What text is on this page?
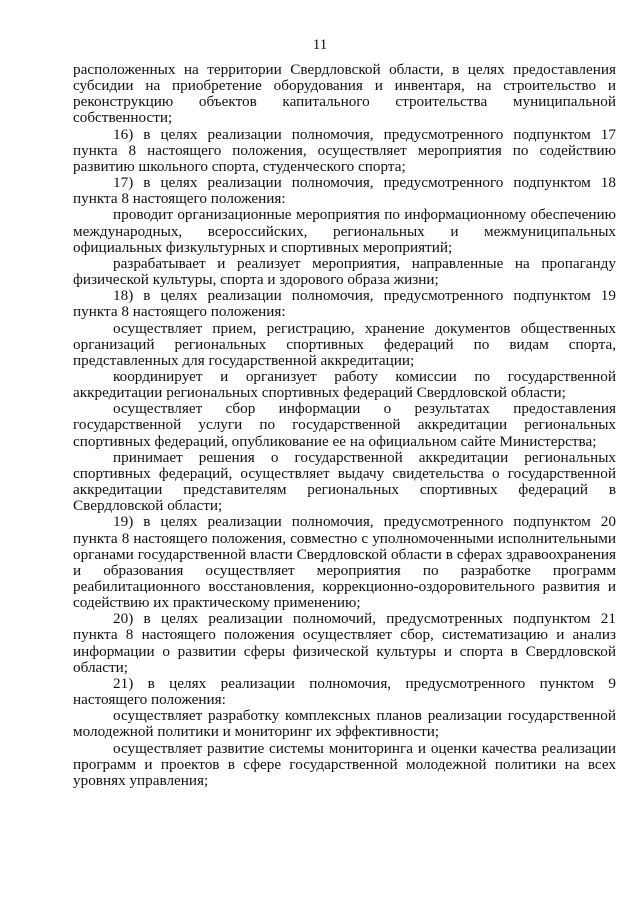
11

расположенных на территории Свердловской области, в целях предоставления субсидии на приобретение оборудования и инвентаря, на строительство и реконструкцию объектов капитального строительства муниципальной собственности;

16) в целях реализации полномочия, предусмотренного подпунктом 17 пункта 8 настоящего положения, осуществляет мероприятия по содействию развитию школьного спорта, студенческого спорта;

17) в целях реализации полномочия, предусмотренного подпунктом 18 пункта 8 настоящего положения:

проводит организационные мероприятия по информационному обеспечению международных, всероссийских, региональных и межмуниципальных официальных физкультурных и спортивных мероприятий;

разрабатывает и реализует мероприятия, направленные на пропаганду физической культуры, спорта и здорового образа жизни;

18) в целях реализации полномочия, предусмотренного подпунктом 19 пункта 8 настоящего положения:

осуществляет прием, регистрацию, хранение документов общественных организаций региональных спортивных федераций по видам спорта, представленных для государственной аккредитации;

координирует и организует работу комиссии по государственной аккредитации региональных спортивных федераций Свердловской области;

осуществляет сбор информации о результатах предоставления государственной услуги по государственной аккредитации региональных спортивных федераций, опубликование ее на официальном сайте Министерства;

принимает решения о государственной аккредитации региональных спортивных федераций, осуществляет выдачу свидетельства о государственной аккредитации представителям региональных спортивных федераций в Свердловской области;

19) в целях реализации полномочия, предусмотренного подпунктом 20 пункта 8 настоящего положения, совместно с уполномоченными исполнительными органами государственной власти Свердловской области в сферах здравоохранения и образования осуществляет мероприятия по разработке программ реабилитационного восстановления, коррекционно-оздоровительного развития и содействию их практическому применению;

20) в целях реализации полномочий, предусмотренных подпунктом 21 пункта 8 настоящего положения осуществляет сбор, систематизацию и анализ информации о развитии сферы физической культуры и спорта в Свердловской области;

21) в целях реализации полномочия, предусмотренного пунктом 9 настоящего положения:

осуществляет разработку комплексных планов реализации государственной молодежной политики и мониторинг их эффективности;

осуществляет развитие системы мониторинга и оценки качества реализации программ и проектов в сфере государственной молодежной политики на всех уровнях управления;
